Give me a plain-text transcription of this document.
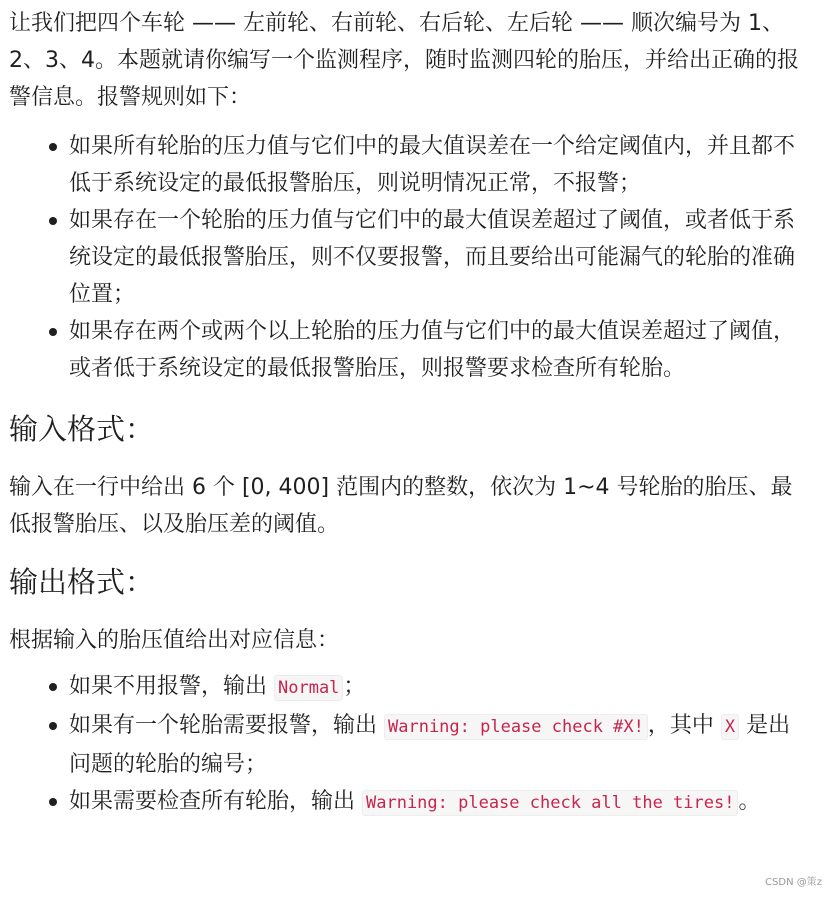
让我们把四个车轮 —— 左前轮、右前轮、右后轮、左后轮 —— 顺次编号为 1、2、3、4。本题就请你编写一个监测程序，随时监测四轮的胎压，并给出正确的报警信息。报警规则如下：

如果所有轮胎的压力值与它们中的最大值误差在一个给定阈值内，并且都不低于系统设定的最低报警胎压，则说明情况正常，不报警；
如果存在一个轮胎的压力值与它们中的最大值误差超过了阈值，或者低于系统设定的最低报警胎压，则不仅要报警，而且要给出可能漏气的轮胎的准确位置；
如果存在两个或两个以上轮胎的压力值与它们中的最大值误差超过了阈值，或者低于系统设定的最低报警胎压，则报警要求检查所有轮胎。
输入格式：

输入在一行中给出 6 个 [0, 400] 范围内的整数，依次为 1~4 号轮胎的胎压、最低报警胎压、以及胎压差的阈值。

输出格式：

根据输入的胎压值给出对应信息：

如果不用报警，输出 Normal ；
如果有一个轮胎需要报警，输出 Warning: please check #X! ，其中 X 是出问题的轮胎的编号；
如果需要检查所有轮胎，输出 Warning: please check all the tires! 。
CSDN @策z
